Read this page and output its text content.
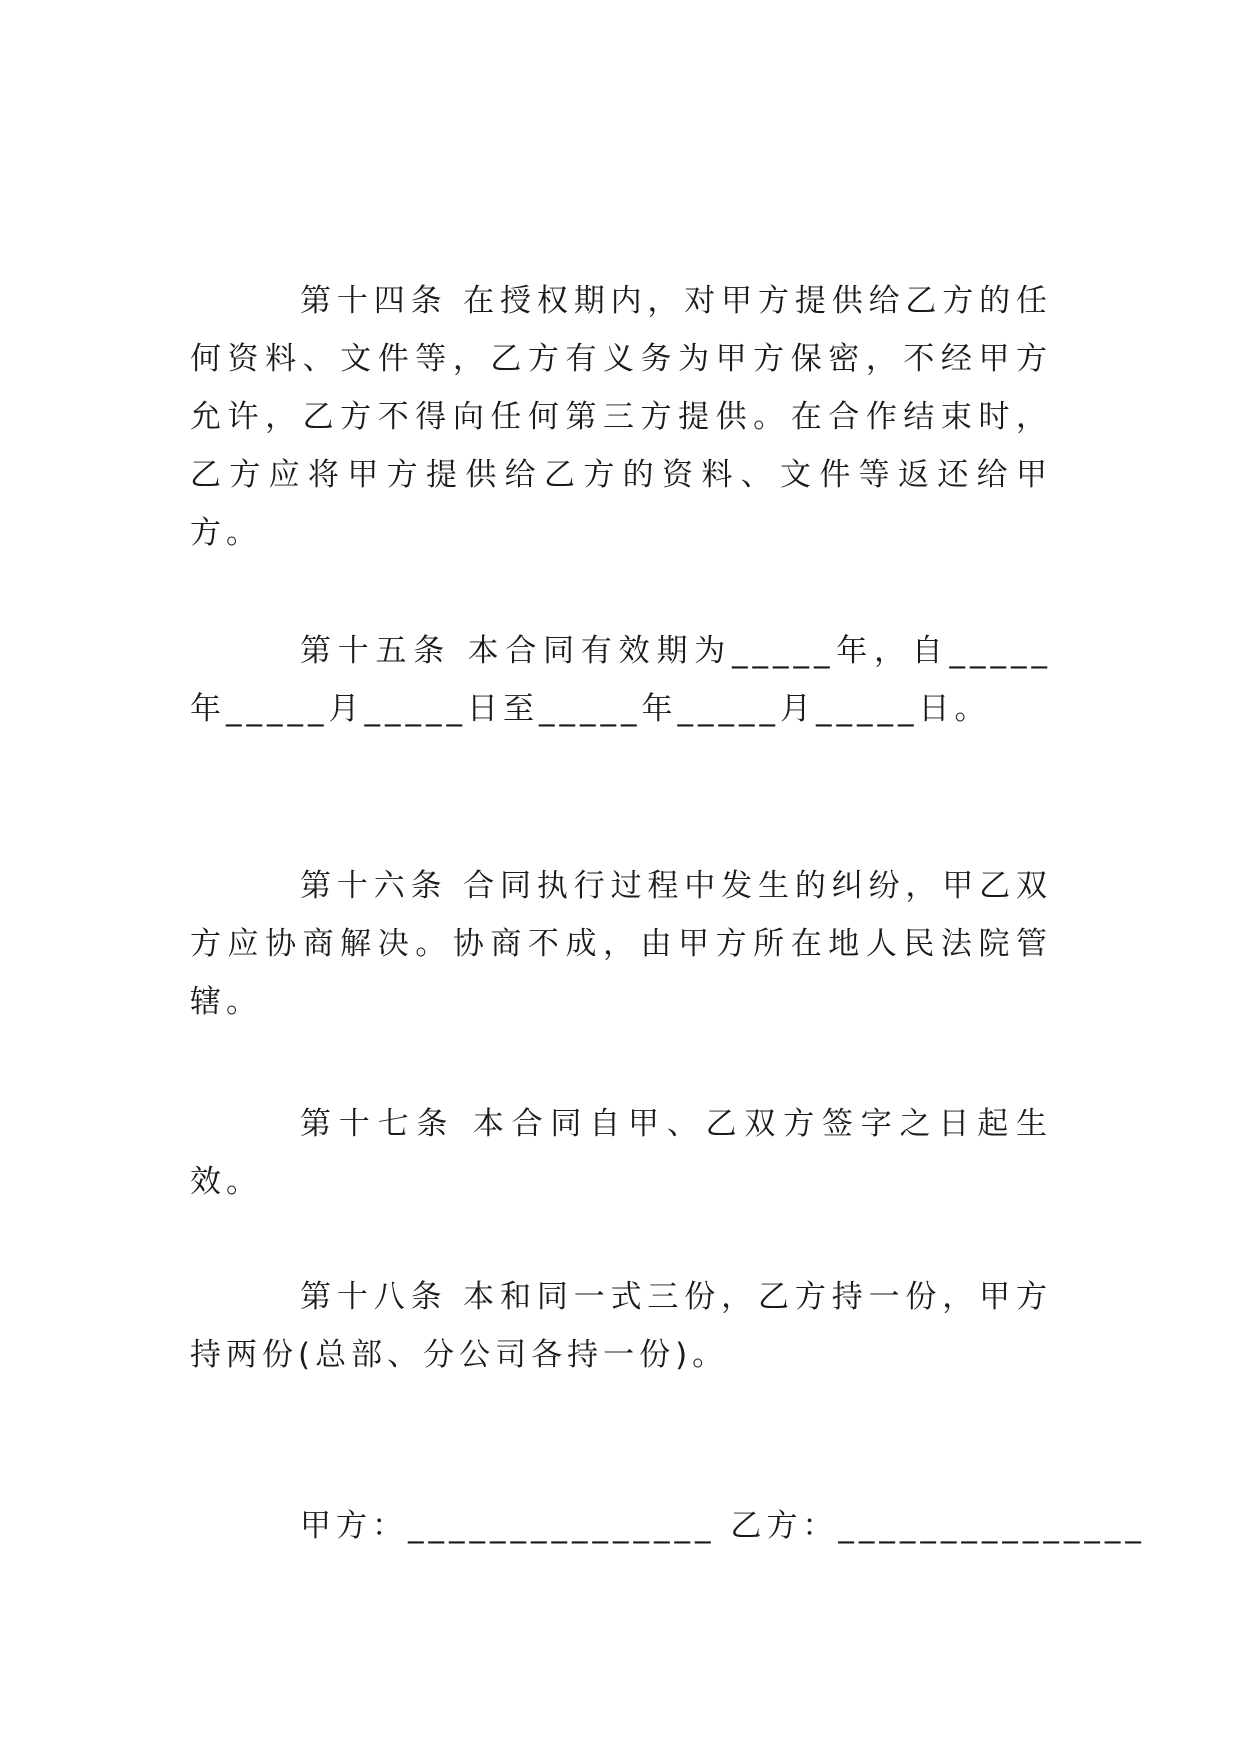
第十四条 在授权期内，对甲方提供给乙方的任何资料、文件等，乙方有义务为甲方保密，不经甲方允许，乙方不得向任何第三方提供。在合作结束时，乙方应将甲方提供给乙方的资料、文件等返还给甲方。

第十五条 本合同有效期为_____年，自_____年_____月_____日至_____年_____月_____日。

第十六条 合同执行过程中发生的纠纷，甲乙双方应协商解决。协商不成，由甲方所在地人民法院管辖。

第十七条 本合同自甲、乙双方签字之日起生效。

第十八条 本和同一式三份，乙方持一份，甲方持两份(总部、分公司各持一份)。

甲方：_______________ 乙方：_______________
